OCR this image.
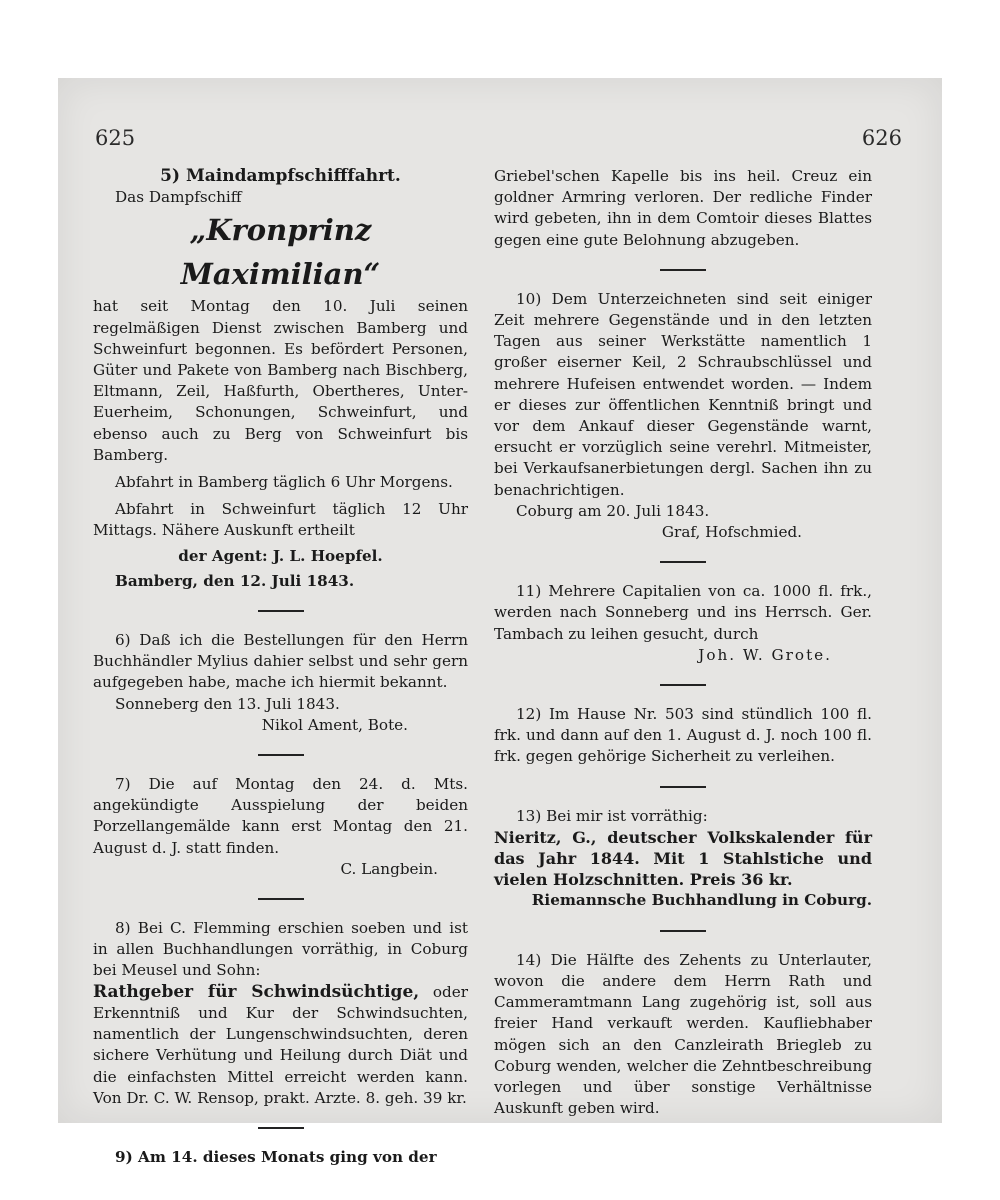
625	626

5) Maindampfschifffahrt.

Das Dampfschiff

„Kronprinz Maximilian“

hat seit Montag den 10. Juli seinen regelmäßigen Dienst zwischen Bamberg und Schweinfurt begonnen. Es befördert Personen, Güter und Pakete von Bamberg nach Bischberg, Eltmann, Zeil, Haßfurth, Obertheres, Unter-Euerheim, Schonungen, Schweinfurt, und ebenso auch zu Berg von Schweinfurt bis Bamberg.

Abfahrt in Bamberg täglich 6 Uhr Morgens.

Abfahrt in Schweinfurt täglich 12 Uhr Mittags. Nähere Auskunft ertheilt

der Agent: J. L. Hoepfel.

Bamberg, den 12. Juli 1843.

6) Daß ich die Bestellungen für den Herrn Buchhändler Mylius dahier selbst und sehr gern aufgegeben habe, mache ich hiermit bekannt.

Sonneberg den 13. Juli 1843.

Nikol Ament, Bote.

7) Die auf Montag den 24. d. Mts. angekündigte Ausspielung der beiden Porzellangemälde kann erst Montag den 21. August d. J. statt finden.

C. Langbein.

8) Bei C. Flemming erschien soeben und ist in allen Buchhandlungen vorräthig, in Coburg bei Meusel und Sohn:

Rathgeber für Schwindsüchtige, oder Erkenntniß und Kur der Schwindsuchten, namentlich der Lungenschwindsuchten, deren sichere Verhütung und Heilung durch Diät und die einfachsten Mittel erreicht werden kann. Von Dr. C. W. Rensop, prakt. Arzte. 8. geh. 39 kr.

9) Am 14. dieses Monats ging von der

Griebel'schen Kapelle bis ins heil. Creuz ein goldner Armring verloren. Der redliche Finder wird gebeten, ihn in dem Comtoir dieses Blattes gegen eine gute Belohnung abzugeben.

10) Dem Unterzeichneten sind seit einiger Zeit mehrere Gegenstände und in den letzten Tagen aus seiner Werkstätte namentlich 1 großer eiserner Keil, 2 Schraubschlüssel und mehrere Hufeisen entwendet worden. — Indem er dieses zur öffentlichen Kenntniß bringt und vor dem Ankauf dieser Gegenstände warnt, ersucht er vorzüglich seine verehrl. Mitmeister, bei Verkaufsanerbietungen dergl. Sachen ihn zu benachrichtigen.

Coburg am 20. Juli 1843.

Graf, Hofschmied.

11) Mehrere Capitalien von ca. 1000 fl. frk., werden nach Sonneberg und ins Herrsch. Ger. Tambach zu leihen gesucht, durch

Joh. W. Grote.

12) Im Hause Nr. 503 sind stündlich 100 fl. frk. und dann auf den 1. August d. J. noch 100 fl. frk. gegen gehörige Sicherheit zu verleihen.

13) Bei mir ist vorräthig:

Nieritz, G., deutscher Volkskalender für das Jahr 1844. Mit 1 Stahlstiche und vielen Holzschnitten. Preis 36 kr.

Riemannsche Buchhandlung in Coburg.

14) Die Hälfte des Zehents zu Unterlauter, wovon die andere dem Herrn Rath und Cammeramtmann Lang zugehörig ist, soll aus freier Hand verkauft werden. Kaufliebhaber mögen sich an den Canzleirath Briegleb zu Coburg wenden, welcher die Zehntbeschreibung vorlegen und über sonstige Verhältnisse Auskunft geben wird.
